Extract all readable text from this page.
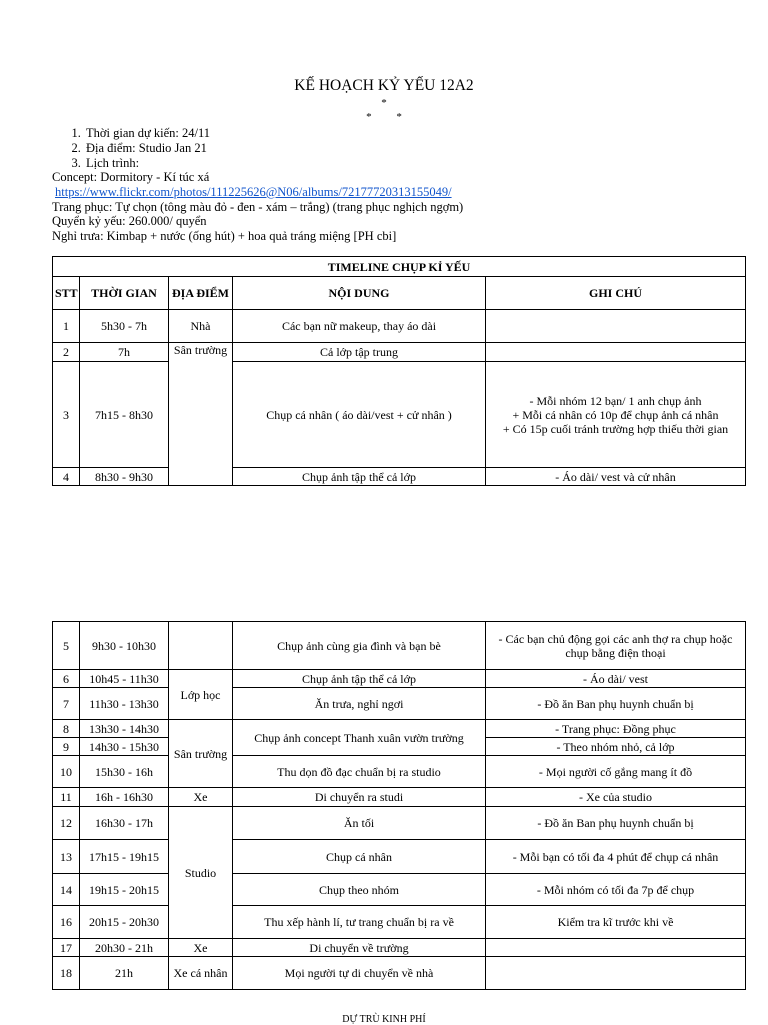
KẾ HOẠCH KỶ YẾU 12A2
*
* *
1. Thời gian dự kiến: 24/11
2. Địa điểm: Studio Jan 21
3. Lịch trình:
Concept: Dormitory - Kí túc xá
https://www.flickr.com/photos/111225626@N06/albums/72177720313155049/
Trang phục: Tự chọn (tông màu đỏ - đen - xám – trắng) (trang phục nghịch ngợm)
Quyển kỷ yếu: 260.000/ quyển
Nghỉ trưa: Kimbap + nước (ống hút) + hoa quả tráng miệng [PH cbi]
TIMELINE CHỤP KỈ YẾU				
STT	THỜI GIAN	ĐỊA ĐIỂM	NỘI DUNG	GHI CHÚ
1	5h30 - 7h	Nhà	Các bạn nữ makeup, thay áo dài	
2	7h	Sân trường	Cả lớp tập trung	
3	7h15 - 8h30		Chụp cá nhân ( áo dài/vest + cử nhân )	- Mỗi nhóm 12 bạn/ 1 anh chụp ảnh
+ Mỗi cá nhân có 10p để chụp ảnh cá nhân
+ Có 15p cuối tránh trường hợp thiếu thời gian
4	8h30 - 9h30		Chụp ảnh tập thể cả lớp	- Áo dài/ vest và cử nhân
5	9h30 - 10h30		Chụp ảnh cùng gia đình và bạn bè	- Các bạn chủ động gọi các anh thợ ra chụp hoặc chụp bằng điện thoại
6	10h45 - 11h30	Lớp học	Chụp ảnh tập thể cả lớp	- Áo dài/ vest
7	11h30 - 13h30		Ăn trưa, nghỉ ngơi	- Đồ ăn Ban phụ huynh chuẩn bị
8	13h30 - 14h30	Sân trường	Chụp ảnh concept Thanh xuân vườn trường	- Trang phục: Đồng phục
9	14h30 - 15h30			- Theo nhóm nhỏ, cả lớp
10	15h30 - 16h		Thu dọn đồ đạc chuẩn bị ra studio	- Mọi người cố gắng mang ít đồ
11	16h - 16h30	Xe	Di chuyển ra studi	- Xe của studio
12	16h30 - 17h	Studio	Ăn tối	- Đồ ăn Ban phụ huynh chuẩn bị
13	17h15 - 19h15		Chụp cá nhân	- Mỗi bạn có tối đa 4 phút để chụp cá nhân
14	19h15 - 20h15		Chụp theo nhóm	- Mỗi nhóm có tối đa 7p để chụp
16	20h15 - 20h30		Thu xếp hành lí, tư trang chuẩn bị ra về	Kiểm tra kĩ trước khi về
17	20h30 - 21h	Xe	Di chuyển về trường	
18	21h	Xe cá nhân	Mọi người tự di chuyển về nhà	
DỰ TRÙ KINH PHÍ
